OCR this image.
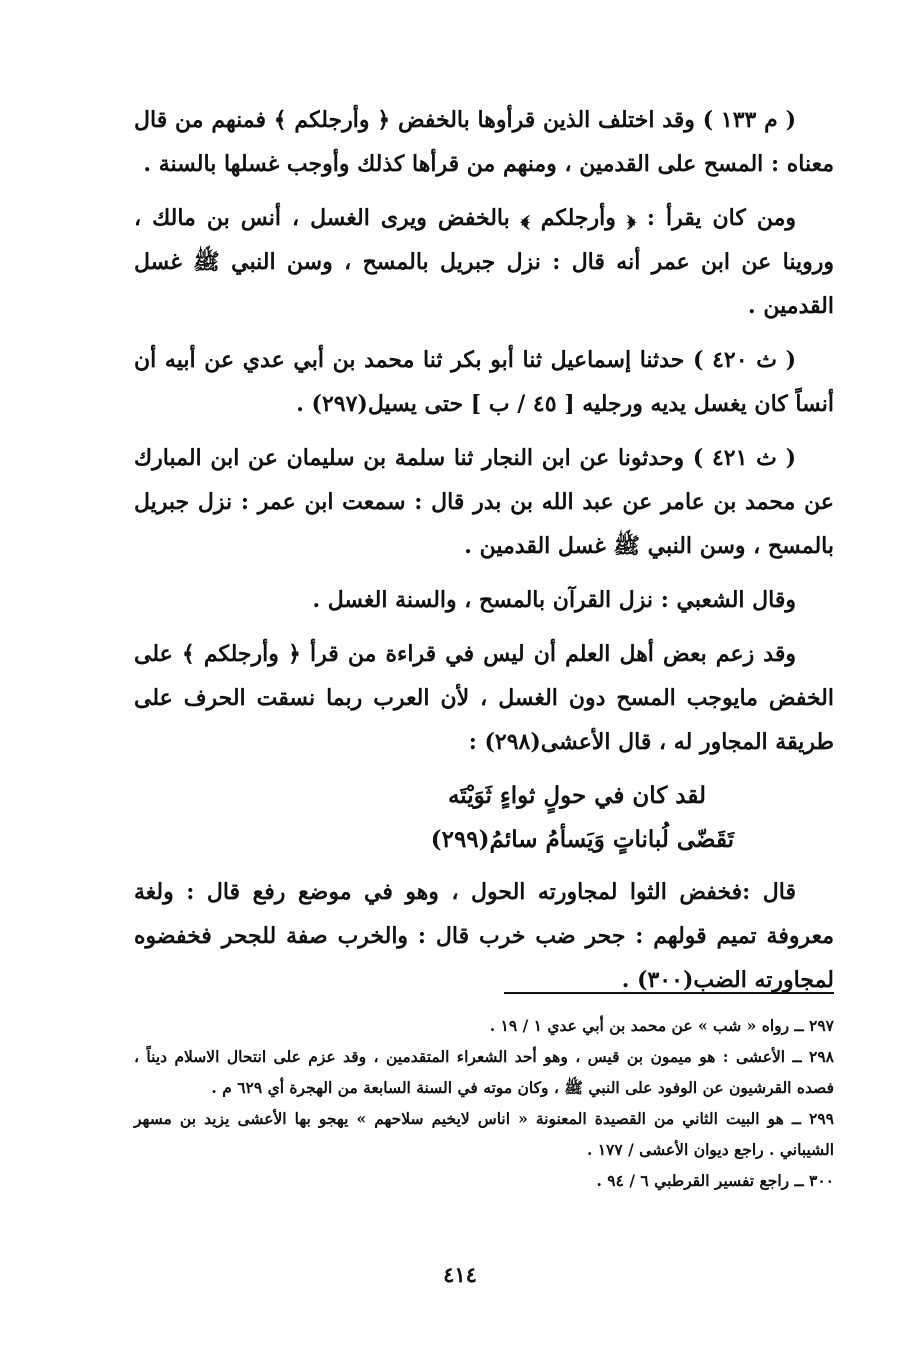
( م ١٣٣ ) وقد اختلف الذين قرأوها بالخفض ﴿ وأرجلكم ﴾ فمنهم من قال معناه : المسح على القدمين ، ومنهم من قرأها كذلك وأوجب غسلها بالسنة .

ومن كان يقرأ : ﴿ وأرجلكم ﴾ بالخفض ويرى الغسل ، أنس بن مالك ، وروينا عن ابن عمر أنه قال : نزل جبريل بالمسح ، وسن النبي ﷺ غسل القدمين .

( ث ٤٢٠ ) حدثنا إسماعيل ثنا أبو بكر ثنا محمد بن أبي عدي عن أبيه أن أنساً كان يغسل يديه ورجليه [ ٤٥ / ب ] حتى يسيل(٢٩٧) .

( ث ٤٢١ ) وحدثونا عن ابن النجار ثنا سلمة بن سليمان عن ابن المبارك عن محمد بن عامر عن عبد الله بن بدر قال : سمعت ابن عمر : نزل جبريل بالمسح ، وسن النبي ﷺ غسل القدمين .

وقال الشعبي : نزل القرآن بالمسح ، والسنة الغسل .

وقد زعم بعض أهل العلم أن ليس في قراءة من قرأ ﴿ وأرجلكم ﴾ على الخفض مايوجب المسح دون الغسل ، لأن العرب ربما نسقت الحرف على طريقة المجاور له ، قال الأعشى(٢٩٨) :

لقد كان في حولٍ ثواءٍ ثَوَيْتَه
تَقَضّى لُباناتٍ وَيَسأمُ سائمُ(٢٩٩)

قال :فخفض الثوا لمجاورته الحول ، وهو في موضع رفع قال : ولغة معروفة تميم قولهم : جحر ضب خرب قال : والخرب صفة للجحر فخفضوه لمجاورته الضب(٣٠٠) .

٢٩٧ ــ رواه « شب » عن محمد بن أبي عدي ١ / ١٩ .

٢٩٨ ــ الأعشى : هو ميمون بن قيس ، وهو أحد الشعراء المتقدمين ، وقد عزم على انتحال الاسلام ديناً ، فصده القرشيون عن الوفود على النبي ﷺ ، وكان موته في السنة السابعة من الهجرة أي ٦٢٩ م .

٢٩٩ ــ هو البيت الثاني من القصيدة المعنونة « اناس لايخيم سلاحهم » يهجو بها الأعشى يزيد بن مسهر الشيباني . راجع ديوان الأعشى / ١٧٧ .

٣٠٠ ــ راجع تفسير القرطبي ٦ / ٩٤ .

٤١٤
